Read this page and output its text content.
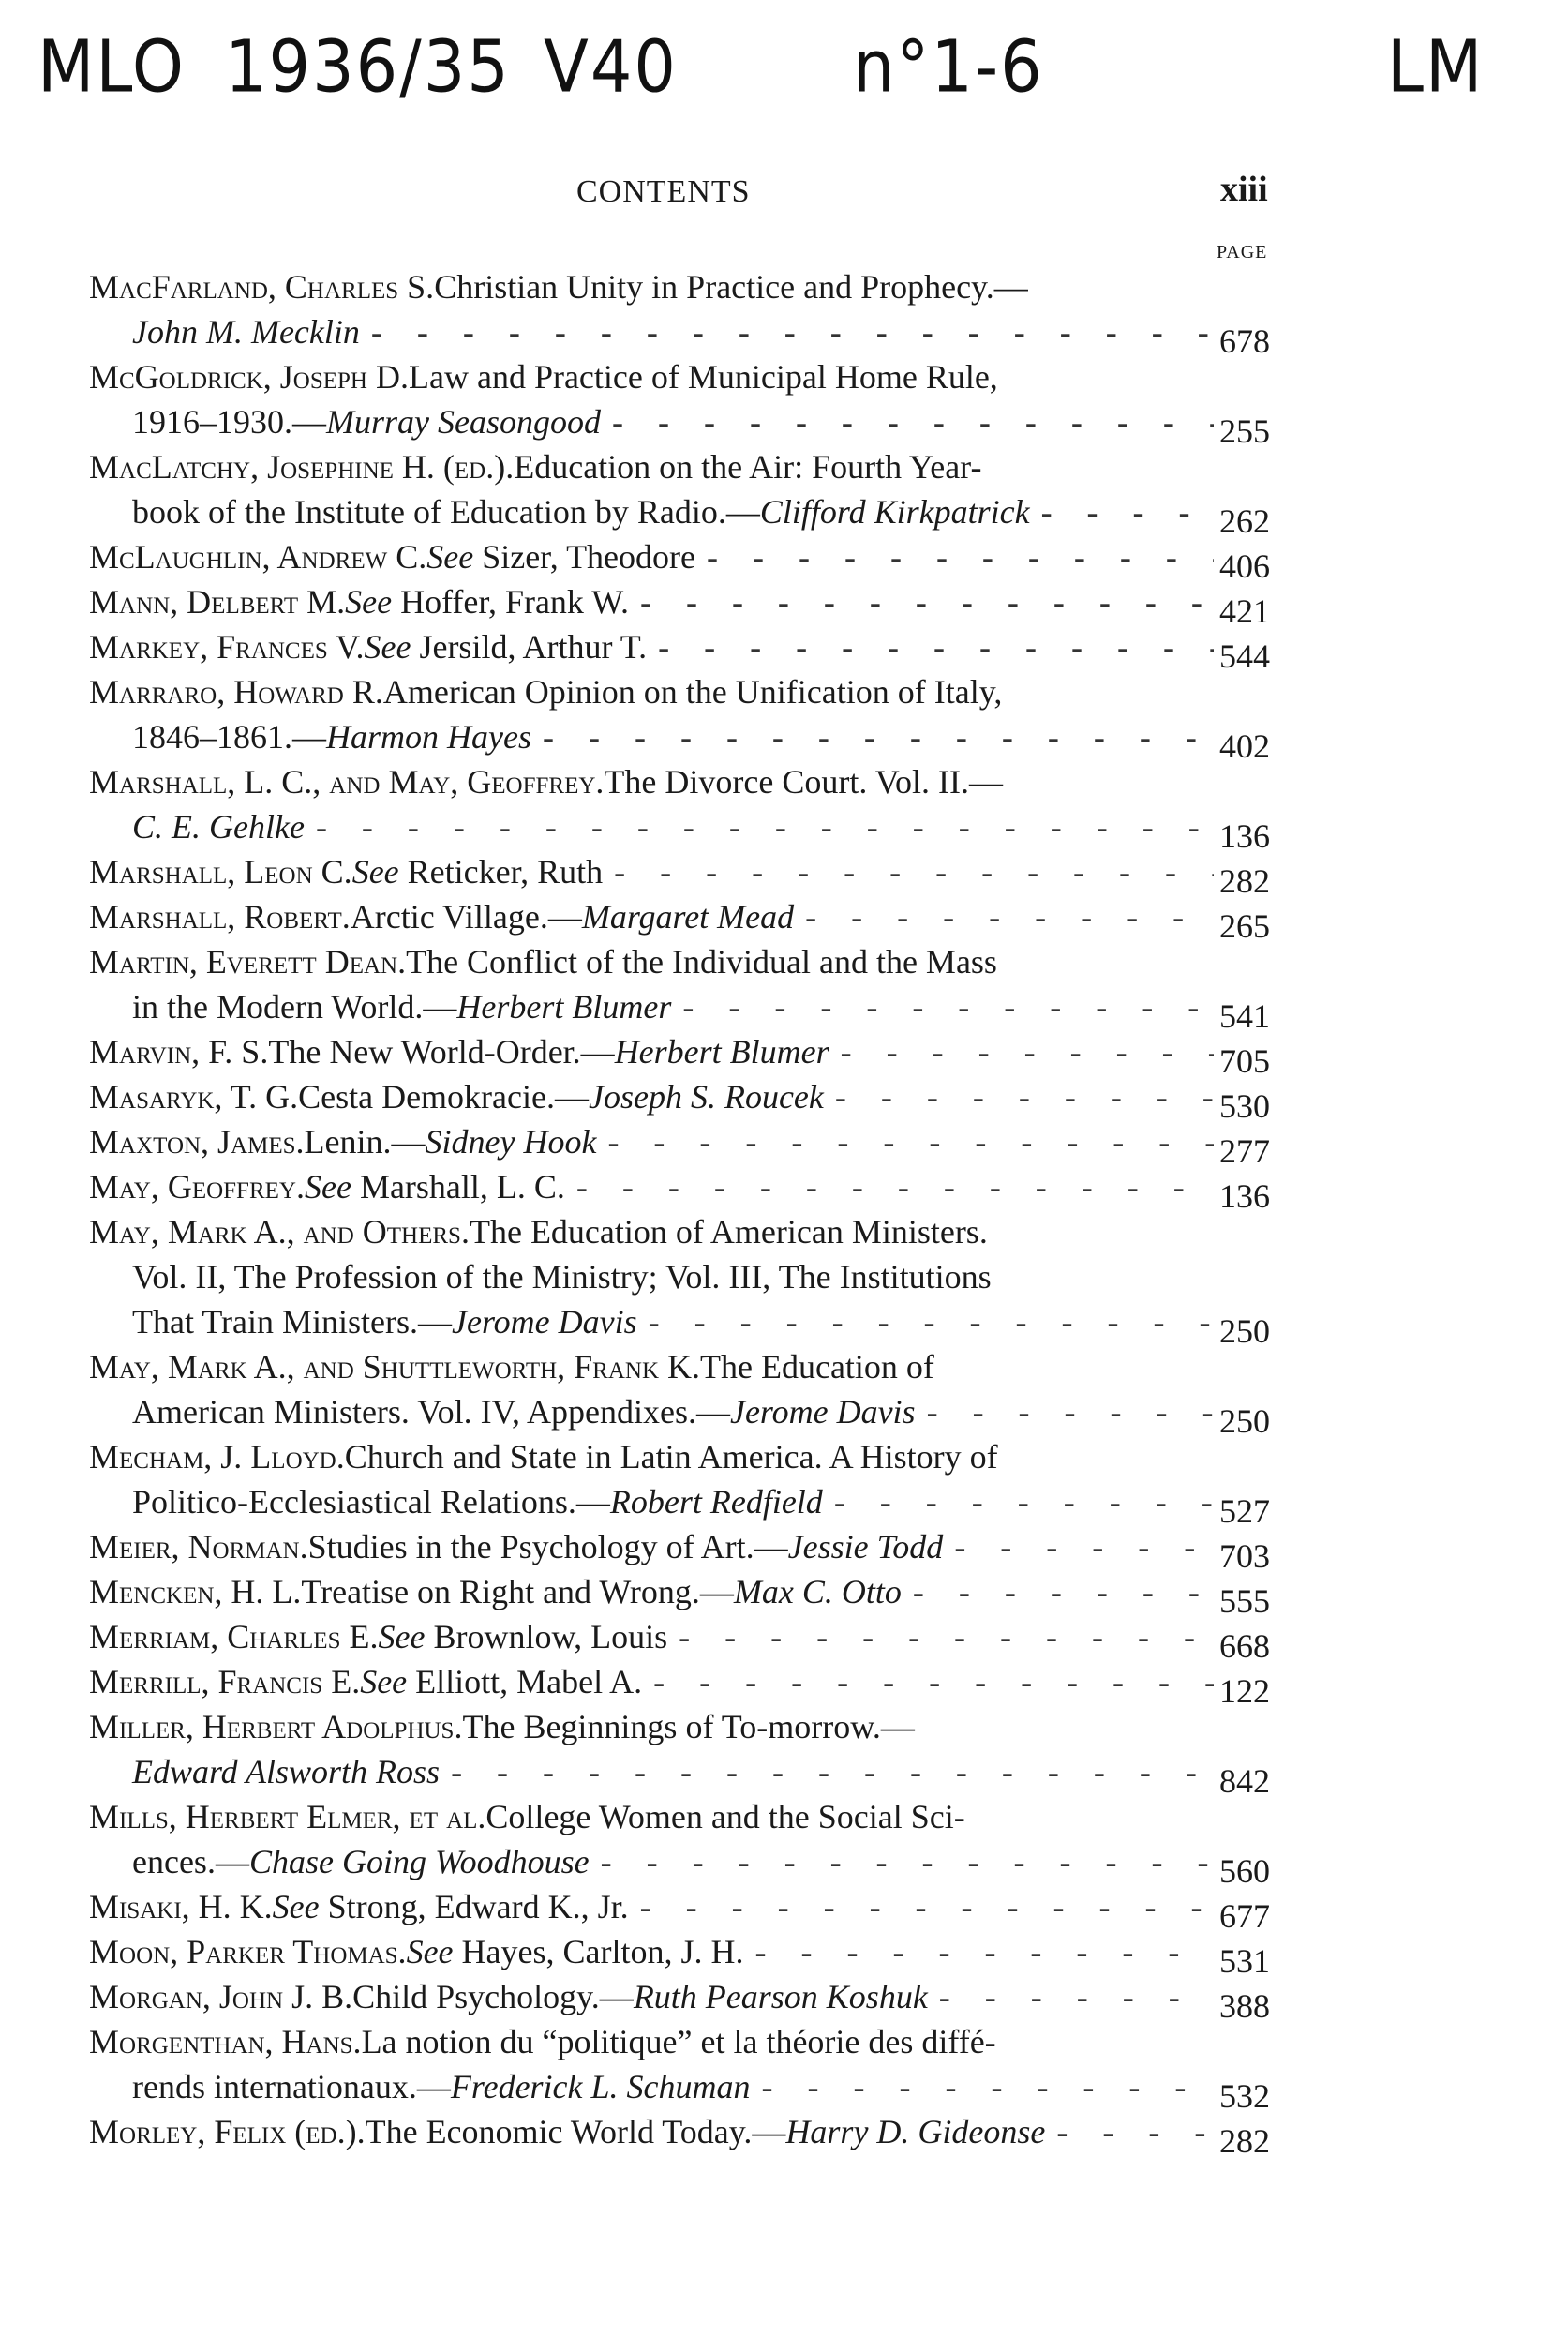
MLO 1936/35 V40	n°1-6	LM
CONTENTS	xiii
PAGE
MacFarland, Charles S. Christian Unity in Practice and Prophecy.—
John M. Mecklin - - -	678
McGoldrick, Joseph D. Law and Practice of Municipal Home Rule,
1916–1930.— Murray Seasongood - - -	255
MacLatchy, Josephine H. (ed.). Education on the Air: Fourth Year-
book of the Institute of Education by Radio.— Clifford Kirkpatrick - - -	262
McLaughlin, Andrew C. See Sizer, Theodore - - -	406
Mann, Delbert M. See Hoffer, Frank W. - - -	421
Markey, Frances V. See Jersild, Arthur T. - - -	544
Marraro, Howard R. American Opinion on the Unification of Italy,
1846–1861.— Harmon Hayes - - -	402
Marshall, L. C., and May, Geoffrey. The Divorce Court. Vol. II.—
C. E. Gehlke - - -	136
Marshall, Leon C. See Reticker, Ruth - - -	282
Marshall, Robert. Arctic Village.— Margaret Mead - - -	265
Martin, Everett Dean. The Conflict of the Individual and the Mass
in the Modern World.— Herbert Blumer - - -	541
Marvin, F. S. The New World-Order.— Herbert Blumer - - -	705
Masaryk, T. G. Cesta Demokracie.— Joseph S. Roucek - - -	530
Maxton, James. Lenin.— Sidney Hook - - -	277
May, Geoffrey. See Marshall, L. C. - - -	136
May, Mark A., and Others. The Education of American Ministers.
Vol. II, The Profession of the Ministry; Vol. III, The Institutions
That Train Ministers.— Jerome Davis - - -	250
May, Mark A., and Shuttleworth, Frank K. The Education of
American Ministers. Vol. IV, Appendixes.— Jerome Davis - - -	250
Mecham, J. Lloyd. Church and State in Latin America. A History of
Politico-Ecclesiastical Relations.— Robert Redfield - - -	527
Meier, Norman. Studies in the Psychology of Art.— Jessie Todd - - -	703
Mencken, H. L. Treatise on Right and Wrong.— Max C. Otto - - -	555
Merriam, Charles E. See Brownlow, Louis - - -	668
Merrill, Francis E. See Elliott, Mabel A. - - -	122
Miller, Herbert Adolphus. The Beginnings of To-morrow.—
Edward Alsworth Ross - - -	842
Mills, Herbert Elmer, et al. College Women and the Social Sci-
ences.— Chase Going Woodhouse - - -	560
Misaki, H. K. See Strong, Edward K., Jr. - - -	677
Moon, Parker Thomas. See Hayes, Carlton, J. H. - - -	531
Morgan, John J. B. Child Psychology.— Ruth Pearson Koshuk - - -	388
Morgenthan, Hans. La notion du “politique” et la théorie des diffé-
rends internationaux.— Frederick L. Schuman - - -	532
Morley, Felix (ed.). The Economic World Today.— Harry D. Gideonse - - -	282
